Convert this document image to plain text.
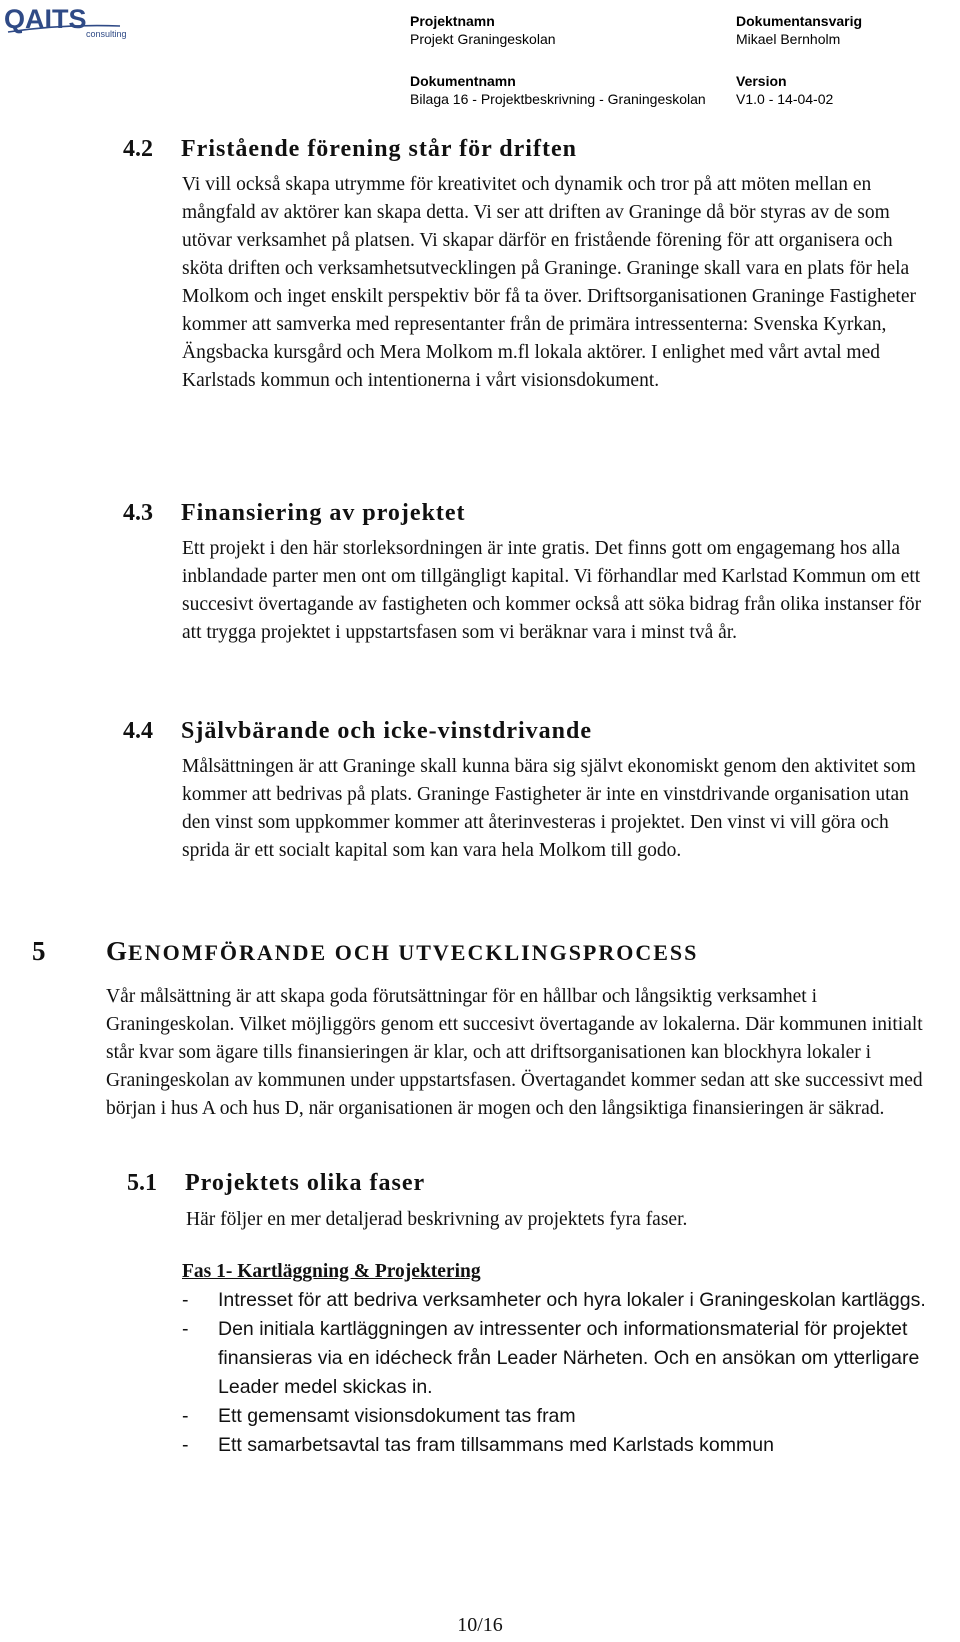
QAITS consulting
Projektnamn
Projekt Graningeskolan
Dokumentansvarig
Mikael Bernholm
Dokumentnamn
Bilaga 16 - Projektbeskrivning - Graningeskolan
Version
V1.0 - 14-04-02
4.2 Fristående förening står för driften
Vi vill också skapa utrymme för kreativitet och dynamik och tror på att möten mellan en mångfald av aktörer kan skapa detta. Vi ser att driften av Graninge då bör styras av de som utövar verksamhet på platsen. Vi skapar därför en fristående förening för att organisera och sköta driften och verksamhetsutvecklingen på Graninge. Graninge skall vara en plats för hela Molkom och inget enskilt perspektiv bör få ta över. Driftsorganisationen Graninge Fastigheter kommer att samverka med representanter från de primära intressenterna: Svenska Kyrkan, Ängsbacka kursgård och Mera Molkom m.fl lokala aktörer. I enlighet med vårt avtal med Karlstads kommun och intentionerna i vårt visionsdokument.
4.3 Finansiering av projektet
Ett projekt i den här storleksordningen är inte gratis. Det finns gott om engagemang hos alla inblandade parter men ont om tillgängligt kapital. Vi förhandlar med Karlstad Kommun om ett succesivt övertagande av fastigheten och kommer också att söka bidrag från olika instanser för att trygga projektet i uppstartsfasen som vi beräknar vara i minst två år.
4.4 Självbärande och icke-vinstdrivande
Målsättningen är att Graninge skall kunna bära sig självt ekonomiskt genom den aktivitet som kommer att bedrivas på plats. Graninge Fastigheter är inte en vinstdrivande organisation utan den vinst som uppkommer kommer att återinvesteras i projektet. Den vinst vi vill göra och sprida är ett socialt kapital som kan vara hela Molkom till godo.
5 GENOMFÖRANDE OCH UTVECKLINGSPROCESS
Vår målsättning är att skapa goda förutsättningar för en hållbar och långsiktig verksamhet i Graningeskolan. Vilket möjliggörs genom ett succesivt övertagande av lokalerna. Där kommunen initialt står kvar som ägare tills finansieringen är klar, och att driftsorganisationen kan blockhyra lokaler i Graningeskolan av kommunen under uppstartsfasen. Övertagandet kommer sedan att ske successivt med början i hus A och hus D, när organisationen är mogen och den långsiktiga finansieringen är säkrad.
5.1 Projektets olika faser
Här följer en mer detaljerad beskrivning av projektets fyra faser.
Fas 1- Kartläggning & Projektering
- Intresset för att bedriva verksamheter och hyra lokaler i Graningeskolan kartläggs.
- Den initiala kartläggningen av intressenter och informationsmaterial för projektet finansieras via en idécheck från Leader Närheten. Och en ansökan om ytterligare Leader medel skickas in.
- Ett gemensamt visionsdokument tas fram
- Ett samarbetsavtal tas fram tillsammans med Karlstads kommun
10/16
